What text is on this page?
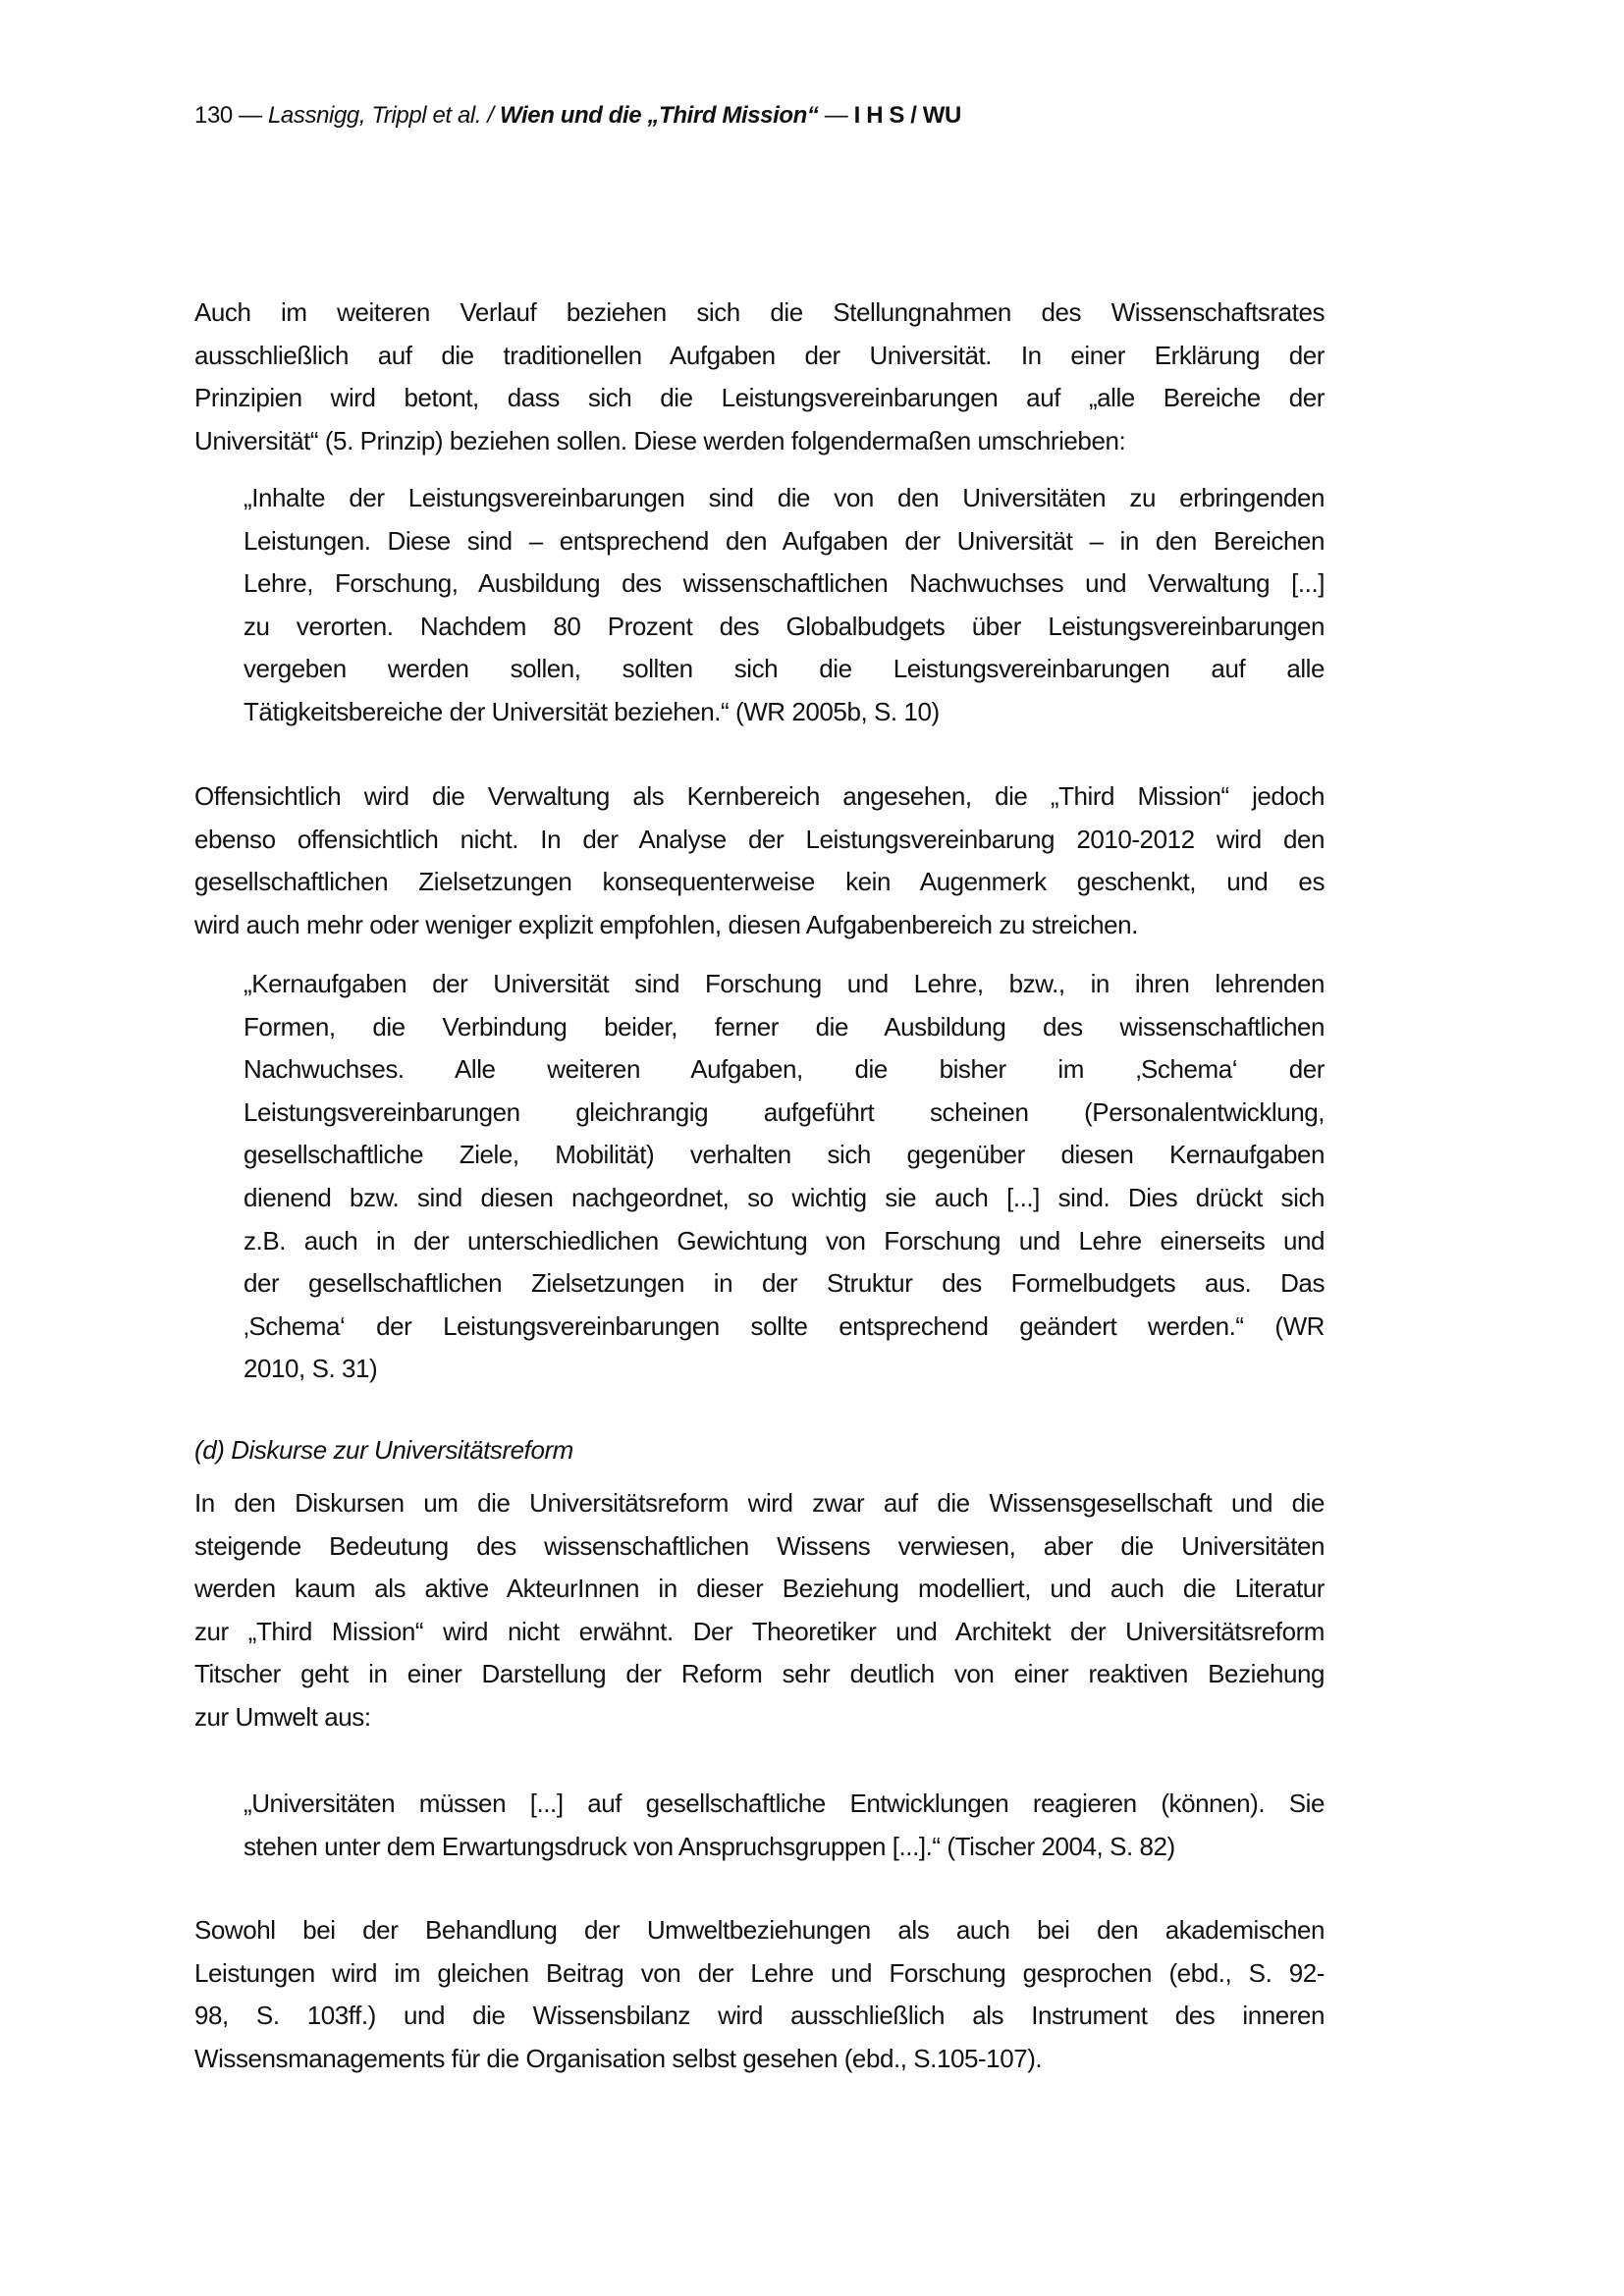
130 — Lassnigg, Trippl et al. / Wien und die „Third Mission“ — I H S / WU
(d) Diskurse zur Universitätsreform
Auch im weiteren Verlauf beziehen sich die Stellungnahmen des Wissenschaftsrates
ausschließlich auf die traditionellen Aufgaben der Universität. In einer Erklärung der
Prinzipien wird betont, dass sich die Leistungsvereinbarungen auf „alle Bereiche der
Universität“ (5. Prinzip) beziehen sollen. Diese werden folgendermaßen umschrieben:
„Inhalte der Leistungsvereinbarungen sind die von den Universitäten zu erbringenden
Leistungen. Diese sind – entsprechend den Aufgaben der Universität – in den Bereichen
Lehre, Forschung, Ausbildung des wissenschaftlichen Nachwuchses und Verwaltung [...]
zu verorten. Nachdem 80 Prozent des Globalbudgets über Leistungsvereinbarungen
vergeben werden sollen, sollten sich die Leistungsvereinbarungen auf alle
Tätigkeitsbereiche der Universität beziehen.“ (WR 2005b, S. 10)
Offensichtlich wird die Verwaltung als Kernbereich angesehen, die „Third Mission“ jedoch
ebenso offensichtlich nicht. In der Analyse der Leistungsvereinbarung 2010-2012 wird den
gesellschaftlichen Zielsetzungen konsequenterweise kein Augenmerk geschenkt, und es
wird auch mehr oder weniger explizit empfohlen, diesen Aufgabenbereich zu streichen.
„Kernaufgaben der Universität sind Forschung und Lehre, bzw., in ihren lehrenden
Formen, die Verbindung beider, ferner die Ausbildung des wissenschaftlichen
Nachwuchses. Alle weiteren Aufgaben, die bisher im ‚Schema‘ der
Leistungsvereinbarungen gleichrangig aufgeführt scheinen (Personalentwicklung,
gesellschaftliche Ziele, Mobilität) verhalten sich gegenüber diesen Kernaufgaben
dienend bzw. sind diesen nachgeordnet, so wichtig sie auch [...] sind. Dies drückt sich
z.B. auch in der unterschiedlichen Gewichtung von Forschung und Lehre einerseits und
der gesellschaftlichen Zielsetzungen in der Struktur des Formelbudgets aus. Das
‚Schema‘ der Leistungsvereinbarungen sollte entsprechend geändert werden.“ (WR
2010, S. 31)
In den Diskursen um die Universitätsreform wird zwar auf die Wissensgesellschaft und die
steigende Bedeutung des wissenschaftlichen Wissens verwiesen, aber die Universitäten
werden kaum als aktive AkteurInnen in dieser Beziehung modelliert, und auch die Literatur
zur „Third Mission“ wird nicht erwähnt. Der Theoretiker und Architekt der Universitätsreform
Titscher geht in einer Darstellung der Reform sehr deutlich von einer reaktiven Beziehung
zur Umwelt aus:
„Universitäten müssen [...] auf gesellschaftliche Entwicklungen reagieren (können). Sie
stehen unter dem Erwartungsdruck von Anspruchsgruppen [...].“ (Tischer 2004, S. 82)
Sowohl bei der Behandlung der Umweltbeziehungen als auch bei den akademischen
Leistungen wird im gleichen Beitrag von der Lehre und Forschung gesprochen (ebd., S. 92-
98, S. 103ff.) und die Wissensbilanz wird ausschließlich als Instrument des inneren
Wissensmanagements für die Organisation selbst gesehen (ebd., S.105-107).
